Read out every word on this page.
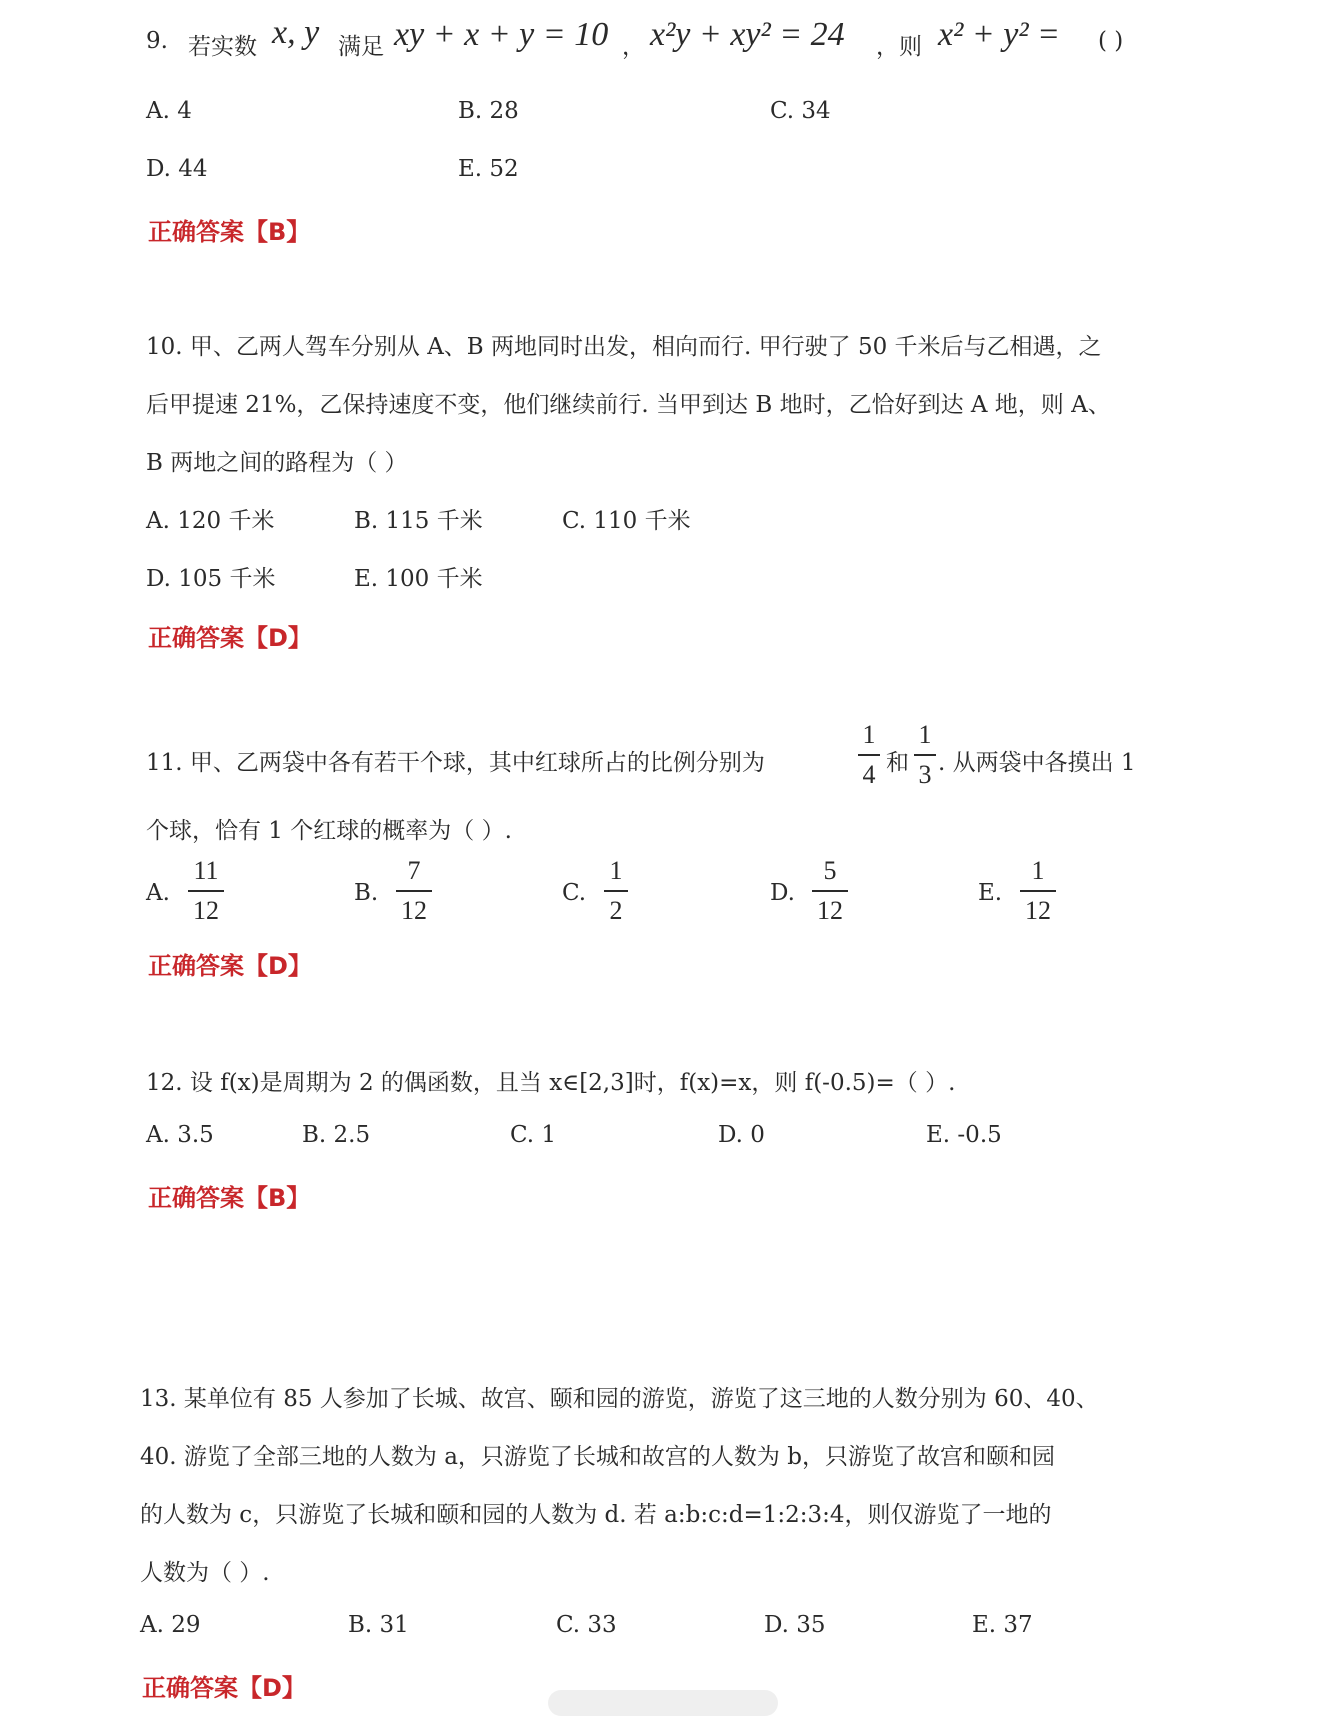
9. 若实数 x, y 满足 xy + x + y = 10 ， x²y + xy² = 24 ，则 x² + y² = ( )
A. 4	B. 28	C. 34
D. 44	E. 52
正确答案【B】
10. 甲、乙两人驾车分别从 A、B 两地同时出发，相向而行. 甲行驶了 50 千米后与乙相遇，之
后甲提速 21%，乙保持速度不变，他们继续前行. 当甲到达 B 地时，乙恰好到达 A 地，则 A、
B 两地之间的路程为（ ）
A. 120 千米	B. 115 千米	C. 110 千米
D. 105 千米	E. 100 千米
正确答案【D】
11. 甲、乙两袋中各有若干个球，其中红球所占的比例分别为
1
4 和
1
3 . 从两袋中各摸出 1
个球，恰有 1 个红球的概率为（ ）.
A.
11
12
B.
7
12
C.
1
2
D.
5
12
E.
1
12
正确答案【D】
12. 设 f(x)是周期为 2 的偶函数，且当 x∈[2,3]时，f(x)=x，则 f(-0.5)=（ ）.
A. 3.5	B. 2.5	C. 1	D. 0	E. -0.5
正确答案【B】
13. 某单位有 85 人参加了长城、故宫、颐和园的游览，游览了这三地的人数分别为 60、40、
40. 游览了全部三地的人数为 a，只游览了长城和故宫的人数为 b，只游览了故宫和颐和园
的人数为 c，只游览了长城和颐和园的人数为 d. 若 a:b:c:d=1:2:3:4，则仅游览了一地的
人数为（ ）.
A. 29	B. 31	C. 33	D. 35	E. 37
正确答案【D】
